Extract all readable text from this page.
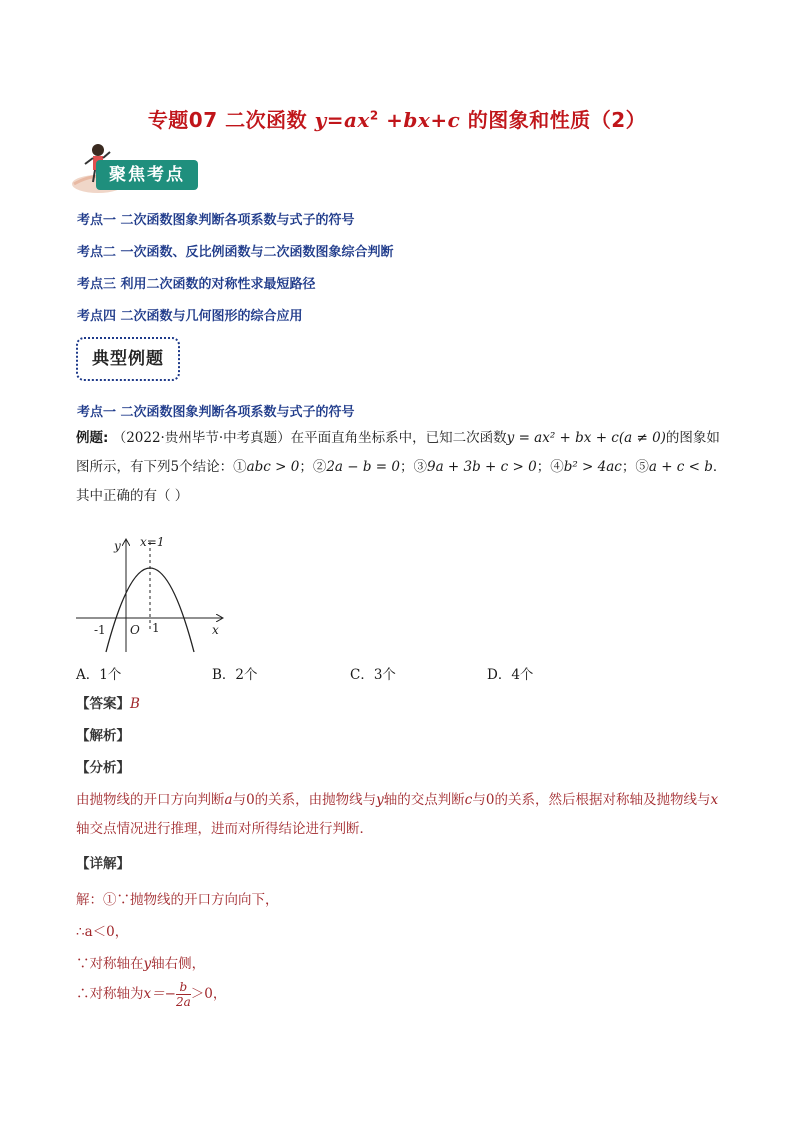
专题07 二次函数 $y=ax^2 +bx+c$ 的图象和性质（2）
聚焦考点
考点一 二次函数图象判断各项系数与式子的符号
考点二 一次函数、反比例函数与二次函数图象综合判断
考点三 利用二次函数的对称性求最短路径
考点四 二次函数与几何图形的综合应用
典型例题
考点一 二次函数图象判断各项系数与式子的符号
例题: （2022·贵州毕节·中考真题）在平面直角坐标系中，已知二次函数y = ax² + bx + c(a ≠ 0)的图象如图所示，有下列5个结论：①abc > 0；②2a − b = 0；③9a + 3b + c > 0；④b² > 4ac；⑤a + c < b．其中正确的有（ ）
y x=1
x
-1 O 1
A．1个	B．2个	C．3个	D．4个
【答案】B
【解析】
【分析】
由抛物线的开口方向判断a与0的关系，由抛物线与y轴的交点判断c与0的关系，然后根据对称轴及抛物线与x轴交点情况进行推理，进而对所得结论进行判断．
【详解】
解：①∵抛物线的开口方向向下，
∴a＜0，
∵对称轴在y轴右侧，
∴对称轴为$x=- \frac{b}{2a} >0$，
